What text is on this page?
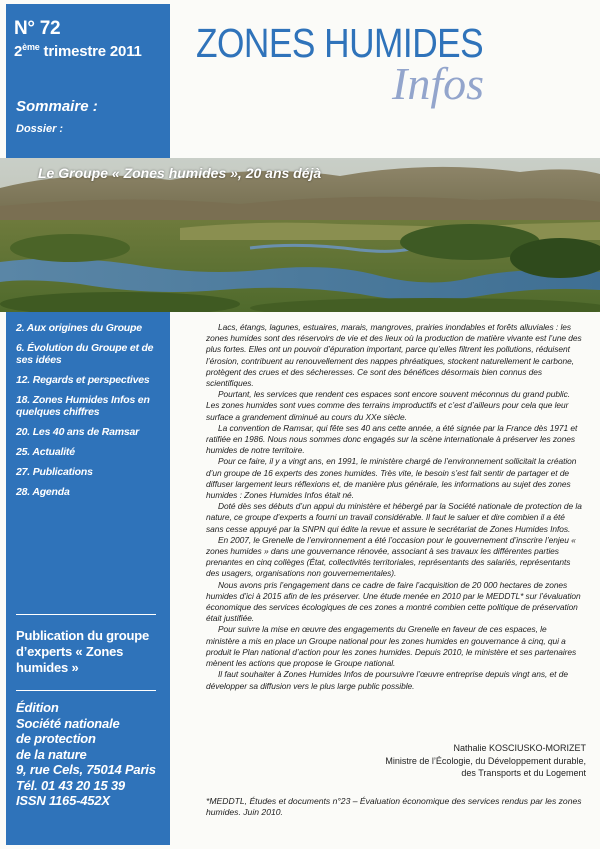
N° 72
2ème trimestre 2011
Sommaire :
Dossier :
ZONES HUMIDES
Infos
Le Groupe « Zones humides », 20 ans déjà
2. Aux origines du Groupe
6. Évolution du Groupe et de ses idées
12. Regards et perspectives
18. Zones Humides Infos en quelques chiffres
20. Les 40 ans de Ramsar
25. Actualité
27. Publications
28. Agenda
Publication du groupe d’experts « Zones humides »
Édition
Société nationale
de protection
de la nature
9, rue Cels, 75014 Paris
Tél. 01 43 20 15 39
ISSN 1165-452X

Lacs, étangs, lagunes, estuaires, marais, mangroves, prairies inondables et forêts alluviales : les zones humides sont des réservoirs de vie et des lieux où la production de matière vivante est l’une des plus fortes. Elles ont un pouvoir d’épuration important, parce qu’elles filtrent les pollutions, réduisent l’érosion, contribuent au renouvellement des nappes phréatiques, stockent naturellement le carbone, protègent des crues et des sécheresses. Ce sont des bénéfices désormais bien connus des scientifiques.

Pourtant, les services que rendent ces espaces sont encore souvent méconnus du grand public. Les zones humides sont vues comme des terrains improductifs et c’est d’ailleurs pour cela que leur surface a grandement diminué au cours du XXe siècle.

La convention de Ramsar, qui fête ses 40 ans cette année, a été signée par la France dès 1971 et ratifiée en 1986. Nous nous sommes donc engagés sur la scène internationale à préserver les zones humides de notre territoire.

Pour ce faire, il y a vingt ans, en 1991, le ministère chargé de l’environnement sollicitait la création d’un groupe de 16 experts des zones humides. Très vite, le besoin s’est fait sentir de partager et de diffuser largement leurs réflexions et, de manière plus générale, les informations au sujet des zones humides : Zones Humides Infos était né.

Doté dès ses débuts d’un appui du ministère et hébergé par la Société nationale de protection de la nature, ce groupe d’experts a fourni un travail considérable. Il faut le saluer et dire combien il a été sans cesse appuyé par la SNPN qui édite la revue et assure le secrétariat de Zones Humides Infos.

En 2007, le Grenelle de l’environnement a été l’occasion pour le gouvernement d’inscrire l’enjeu « zones humides » dans une gouvernance rénovée, associant à ses travaux les différentes parties prenantes en cinq collèges (État, collectivités territoriales, représentants des salariés, représentants des usagers, organisations non gouvernementales).

Nous avons pris l’engagement dans ce cadre de faire l’acquisition de 20 000 hectares de zones humides d’ici à 2015 afin de les préserver. Une étude menée en 2010 par le MEDDTL* sur l’évaluation économique des services écologiques de ces zones a montré combien cette politique de préservation était justifiée.

Pour suivre la mise en œuvre des engagements du Grenelle en faveur de ces espaces, le ministère a mis en place un Groupe national pour les zones humides en gouvernance à cinq, qui a produit le Plan national d’action pour les zones humides. Depuis 2010, le ministère et ses partenaires mènent les actions que propose le Groupe national.

Il faut souhaiter à Zones Humides Infos de poursuivre l’œuvre entreprise depuis vingt ans, et de développer sa diffusion vers le plus large public possible.

Nathalie KOSCIUSKO-MORIZET
Ministre de l’Écologie, du Développement durable,
des Transports et du Logement
*MEDDTL, Études et documents n°23 – Évaluation économique des services rendus par les zones humides. Juin 2010.
